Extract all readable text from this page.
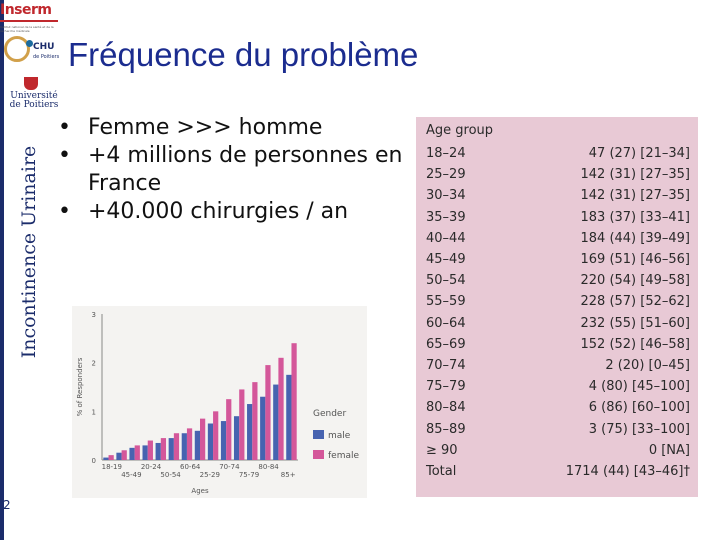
Incontinence Urinaire
2
Inserm
Institut national de la santé et de la recherche médicale
CHU
de Poitiers
Université de Poitiers
Fréquence du problème
• Femme >>> homme
• +4 millions de personnes en France
• +40.000 chirurgies / an
Age group
18–24	47 (27) [21–34]
25–29	142 (31) [27–35]
30–34	142 (31) [27–35]
35–39	183 (37) [33–41]
40–44	184 (44) [39–49]
45–49	169 (51) [46–56]
50–54	220 (54) [49–58]
55–59	228 (57) [52–62]
60–64	232 (55) [51–60]
65–69	152 (52) [46–58]
70–74	2 (20) [0–45]
75–79	4 (80) [45–100]
80–84	6 (86) [60–100]
85–89	3 (75) [33–100]
≥ 90	0 [NA]
Total	1714 (44) [43–46]†
0
1
2
3
% of Responders
18-19
45-49
20-24
50-54
60-64
25-29
70-74
75-79
80-84
85+
Ages
Gender
male
female
